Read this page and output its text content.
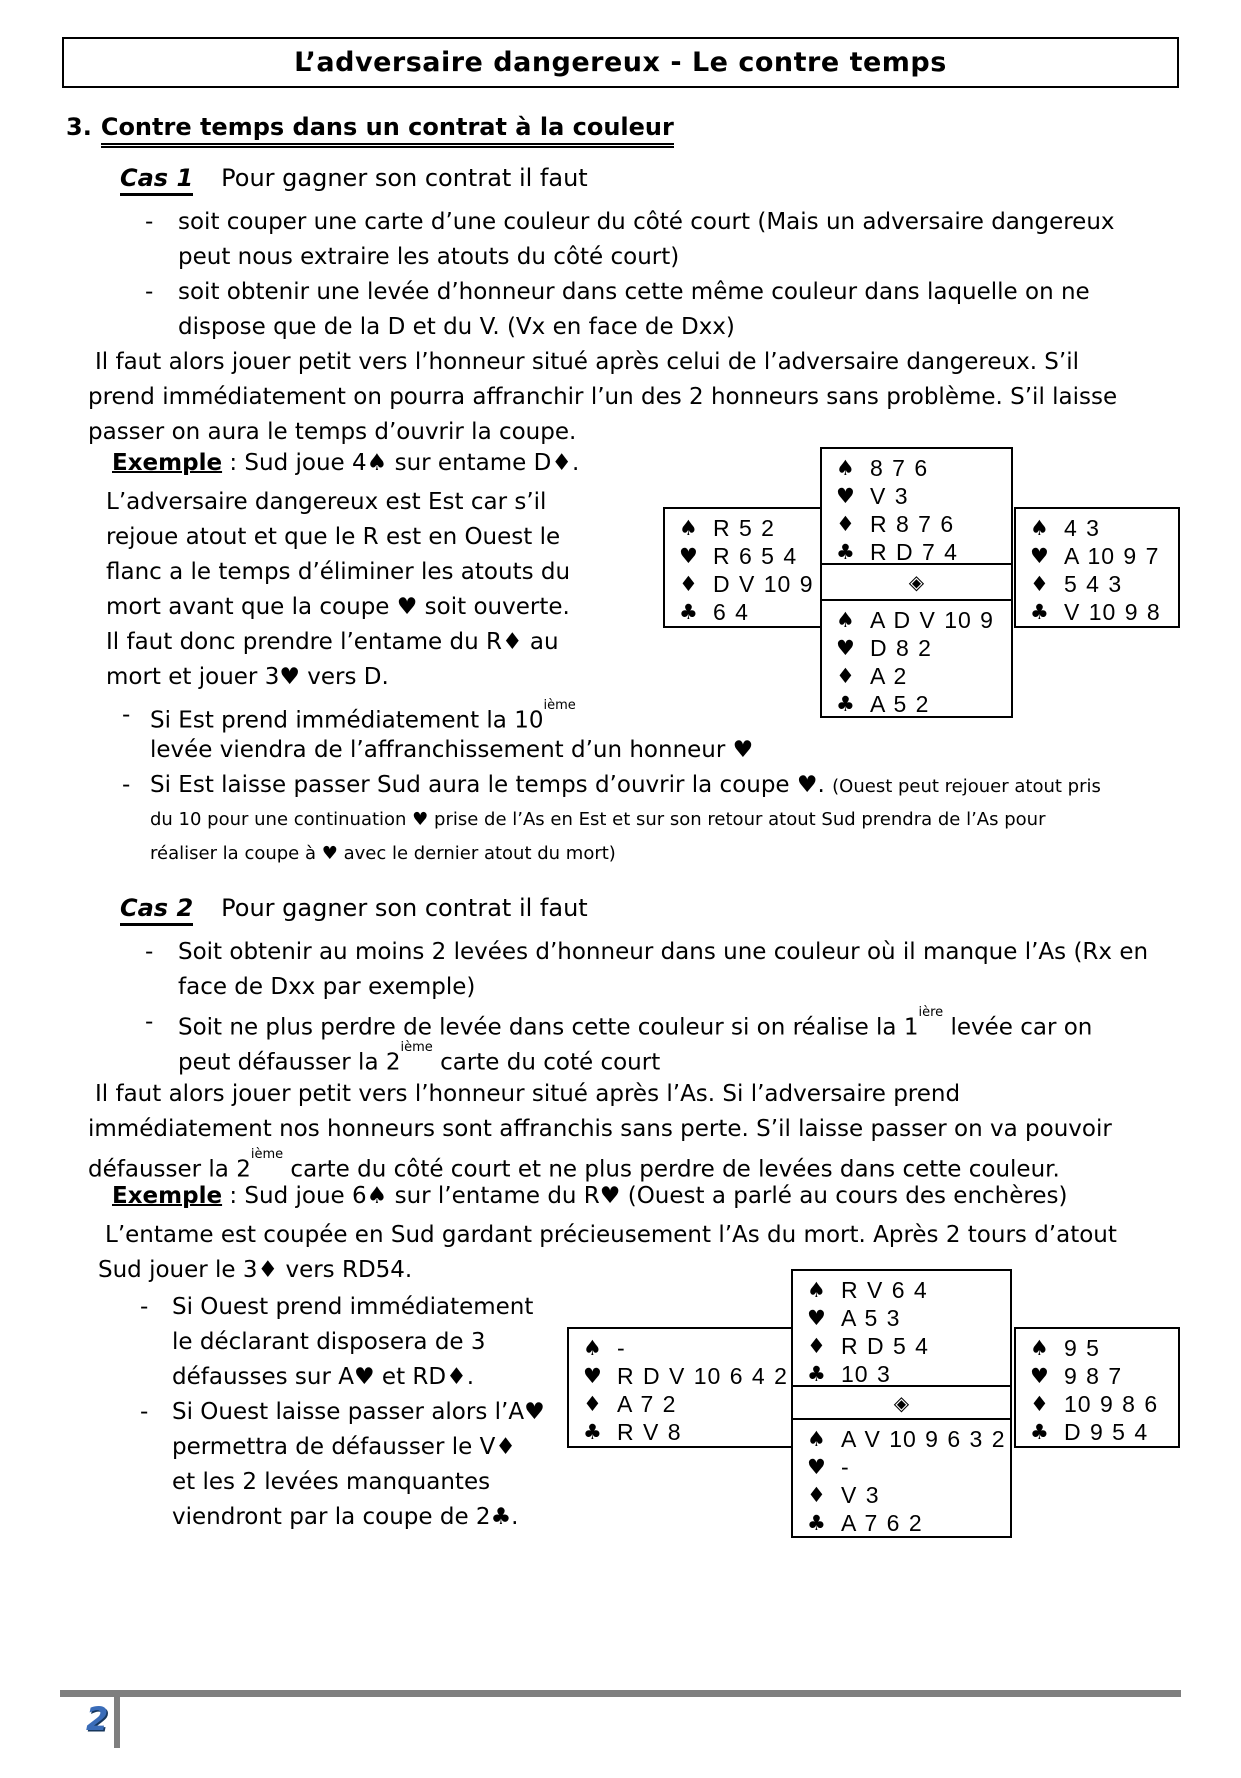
L’adversaire dangereux - Le contre temps
3. Contre temps dans un contrat à la couleur
Cas 1 Pour gagner son contrat il faut
-
-
soit couper une carte d’une couleur du côté court (Mais un adversaire dangereux
peut nous extraire les atouts du côté court)
soit obtenir une levée d’honneur dans cette même couleur dans laquelle on ne
dispose que de la D et du V. (Vx en face de Dxx)
Il faut alors jouer petit vers l’honneur situé après celui de l’adversaire dangereux. S’il
prend immédiatement on pourra affranchir l’un des 2 honneurs sans problème. S’il laisse
passer on aura le temps d’ouvrir la coupe.
Exemple : Sud joue 4♠ sur entame D♦.
L’adversaire dangereux est Est car s’il
rejoue atout et que le R est en Ouest le
flanc a le temps d’éliminer les atouts du
mort avant que la coupe ♥ soit ouverte.
Il faut donc prendre l’entame du R♦ au
mort et jouer 3♥ vers D.
♠ 8 7 6
♥ V 3
♦ R 8 7 6
♣ R D 7 4
♠ R 5 2
♥ R 6 5 4
♦ D V 10 9
♣ 6 4
◈
♠ A D V 10 9
♥ D 8 2
♦ A 2
♣ A 5 2
♠ 4 3
♥ A 10 9 7
♦ 5 4 3
♣ V 10 9 8
- Si Est prend immédiatement la 10ième
levée viendra de l’affranchissement d’un honneur ♥
- Si Est laisse passer Sud aura le temps d’ouvrir la coupe ♥. (Ouest peut rejouer atout pris
du 10 pour une continuation ♥ prise de l’As en Est et sur son retour atout Sud prendra de l’As pour
réaliser la coupe à ♥ avec le dernier atout du mort)
Cas 2 Pour gagner son contrat il faut
-
-
Soit obtenir au moins 2 levées d’honneur dans une couleur où il manque l’As (Rx en
face de Dxx par exemple)
Soit ne plus perdre de levée dans cette couleur si on réalise la $1^{ière}$ levée car on
peut défausser la 2ième carte du coté court
Il faut alors jouer petit vers l’honneur situé après l’As. Si l’adversaire prend
immédiatement nos honneurs sont affranchis sans perte. S’il laisse passer on va pouvoir
défausser la 2ième carte du côté court et ne plus perdre de levées dans cette couleur.
Exemple : Sud joue 6♠ sur l’entame du R♥ (Ouest a parlé au cours des enchères)
L’entame est coupée en Sud gardant précieusement l’As du mort. Après 2 tours d’atout
Sud jouer le 3♦ vers RD54.
-
-
Si Ouest prend immédiatement
le déclarant disposera de 3
défausses sur A♥ et RD♦.
Si Ouest laisse passer alors l’A♥
permettra de défausser le V♦
et les 2 levées manquantes
viendront par la coupe de 2♣.
♠ R V 6 4
♥ A 5 3
♦ R D 5 4
♣ 10 3
♠ -
♥ R D V 10 6 4 2
♦ A 7 2
♣ R V 8
◈
♠ A V 10 9 6 3 2
♥ -
♦ V 3
♣ A 7 6 2
♠ 9 5
♥ 9 8 7
♦ 10 9 8 6
♣ D 9 5 4
2
